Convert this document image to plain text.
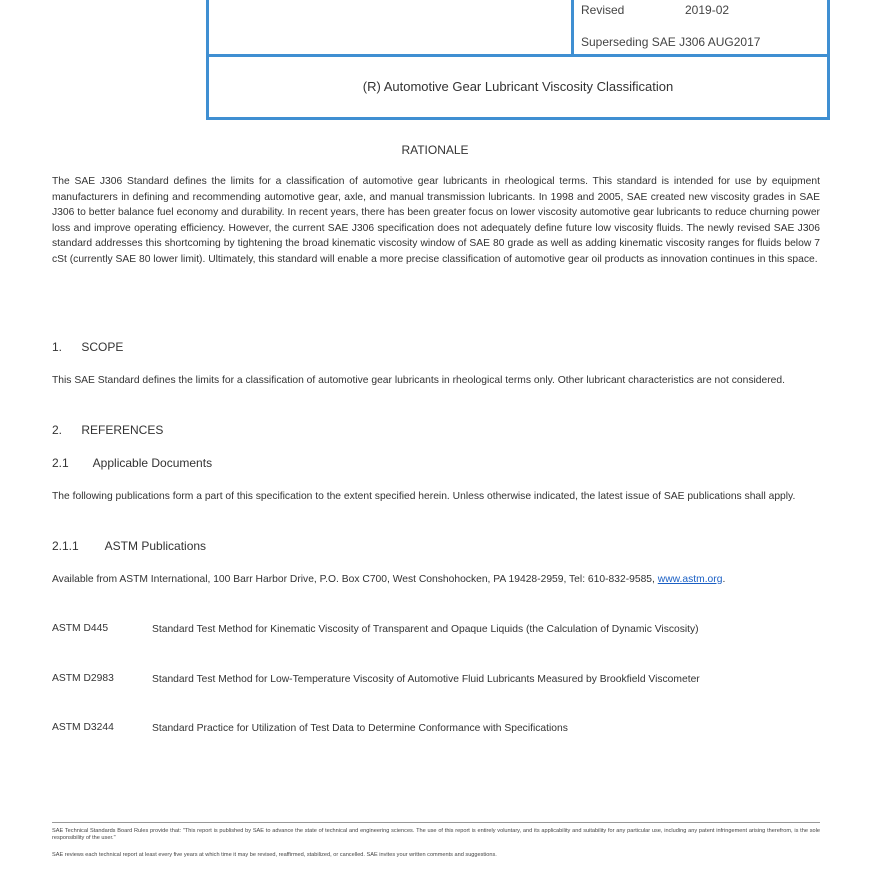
Revised	2019-02
Superseding SAE J306 AUG2017
(R) Automotive Gear Lubricant Viscosity Classification
RATIONALE
The SAE J306 Standard defines the limits for a classification of automotive gear lubricants in rheological terms. This standard is intended for use by equipment manufacturers in defining and recommending automotive gear, axle, and manual transmission lubricants. In 1998 and 2005, SAE created new viscosity grades in SAE J306 to better balance fuel economy and durability. In recent years, there has been greater focus on lower viscosity automotive gear lubricants to reduce churning power loss and improve operating efficiency. However, the current SAE J306 specification does not adequately define future low viscosity fluids. The newly revised SAE J306 standard addresses this shortcoming by tightening the broad kinematic viscosity window of SAE 80 grade as well as adding kinematic viscosity ranges for fluids below 7 cSt (currently SAE 80 lower limit). Ultimately, this standard will enable a more precise classification of automotive gear oil products as innovation continues in this space.
1. SCOPE
This SAE Standard defines the limits for a classification of automotive gear lubricants in rheological terms only. Other lubricant characteristics are not considered.
2. REFERENCES
2.1 Applicable Documents
The following publications form a part of this specification to the extent specified herein. Unless otherwise indicated, the latest issue of SAE publications shall apply.
2.1.1 ASTM Publications
Available from ASTM International, 100 Barr Harbor Drive, P.O. Box C700, West Conshohocken, PA 19428-2959, Tel: 610-832-9585, www.astm.org.
ASTM D445	Standard Test Method for Kinematic Viscosity of Transparent and Opaque Liquids (the Calculation of Dynamic Viscosity)
ASTM D2983	Standard Test Method for Low-Temperature Viscosity of Automotive Fluid Lubricants Measured by Brookfield Viscometer
ASTM D3244	Standard Practice for Utilization of Test Data to Determine Conformance with Specifications
SAE Technical Standards Board Rules provide that: "This report is published by SAE to advance the state of technical and engineering sciences. The use of this report is entirely voluntary, and its applicability and suitability for any particular use, including any patent infringement arising therefrom, is the sole responsibility of the user."
SAE reviews each technical report at least every five years at which time it may be revised, reaffirmed, stabilized, or cancelled. SAE invites your written comments and suggestions.
